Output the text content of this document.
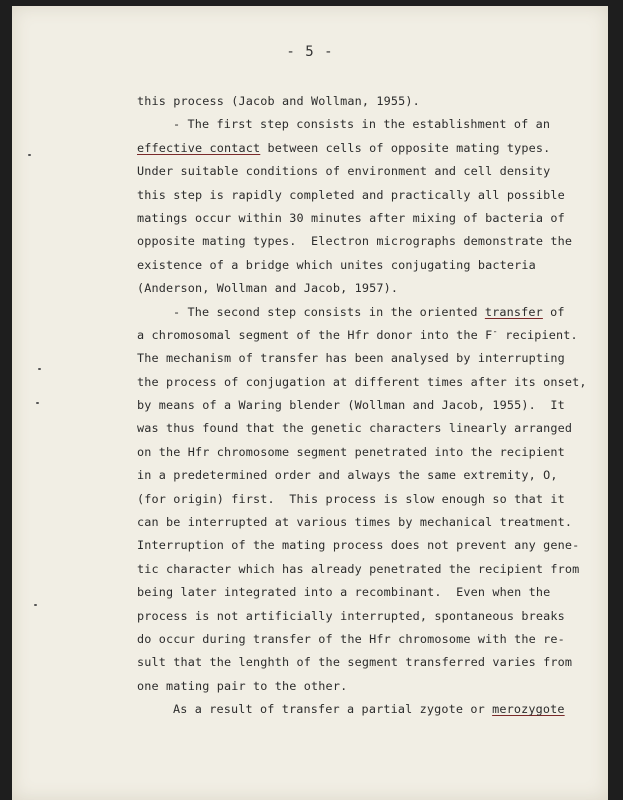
- 5 -
this process (Jacob and Wollman, 1955).
- The first step consists in the establishment of an
effective contact between cells of opposite mating types.
Under suitable conditions of environment and cell density
this step is rapidly completed and practically all possible
matings occur within 30 minutes after mixing of bacteria of
opposite mating types.  Electron micrographs demonstrate the
existence of a bridge which unites conjugating bacteria
(Anderson, Wollman and Jacob, 1957).
- The second step consists in the oriented transfer of
a chromosomal segment of the Hfr donor into the F- recipient.
The mechanism of transfer has been analysed by interrupting
the process of conjugation at different times after its onset,
by means of a Waring blender (Wollman and Jacob, 1955).  It
was thus found that the genetic characters linearly arranged
on the Hfr chromosome segment penetrated into the recipient
in a predetermined order and always the same extremity, O,
(for origin) first.  This process is slow enough so that it
can be interrupted at various times by mechanical treatment.
Interruption of the mating process does not prevent any gene-
tic character which has already penetrated the recipient from
being later integrated into a recombinant.  Even when the
process is not artificially interrupted, spontaneous breaks
do occur during transfer of the Hfr chromosome with the re-
sult that the lenghth of the segment transferred varies from
one mating pair to the other.
As a result of transfer a partial zygote or merozygote
